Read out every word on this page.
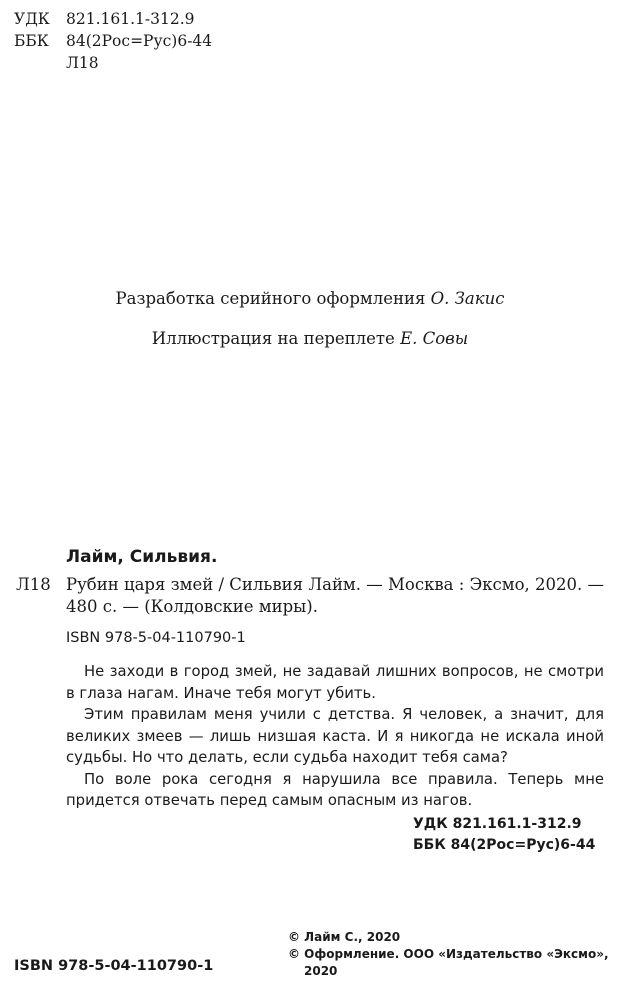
УДК 821.161.1-312.9
ББК 84(2Рос=Рус)6-44
Л18
Разработка серийного оформления О. Закис
Иллюстрация на переплете Е. Совы
Лайм, Сильвия.
Л18 Рубин царя змей / Сильвия Лайм. — Москва : Эксмо, 2020. — 480 с. — (Колдовские миры).
ISBN 978-5-04-110790-1

Не заходи в город змей, не задавай лишних вопросов, не смотри в глаза нагам. Иначе тебя могут убить.

Этим правилам меня учили с детства. Я человек, а значит, для великих змеев — лишь низшая каста. И я никогда не искала иной судьбы. Но что делать, если судьба находит тебя сама?

По воле рока сегодня я нарушила все правила. Теперь мне придется отвечать перед самым опасным из нагов.

УДК 821.161.1-312.9
ББК 84(2Рос=Рус)6-44
ISBN 978-5-04-110790-1
© Лайм С., 2020
© Оформление. ООО «Издательство «Эксмо»,
2020
